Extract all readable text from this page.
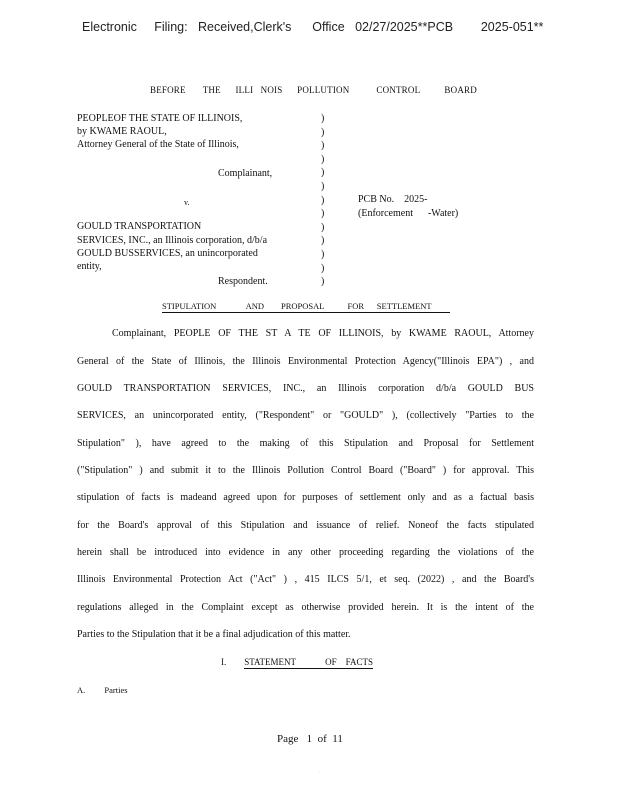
Electronic     Filing:   Received,Clerk's      Office   02/27/2025**PCB        2025-051**
BEFORE       THE      ILLI   NOIS      POLLUTION           CONTROL          BOARD
PEOPLEOF THE STATE OF ILLINOIS,
by KWAME RAOUL,
Attorney General of the State of Illinois,
Complainant,
v.
GOULD TRANSPORTATION
SERVICES, INC., an Illinois corporation, d/b/a
GOULD BUSSERVICES, an unincorporated
entity,
Respondent.
)
)
)
)
)
)
)
)
)
)
)
)
)
PCB No.    2025-
(Enforcement      -Water)
STIPULATION              AND        PROPOSAL           FOR      SETTLEMENT
Complainant, PEOPLE OF THE ST A TE OF ILLINOIS, by KWAME RAOUL, Attorney
General of the State of Illinois, the Illinois Environmental Protection Agency("Illinois EPA") , and
GOULD TRANSPORTATION SERVICES, INC., an Illinois corporation d/b/a GOULD BUS
SERVICES, an unincorporated entity, ("Respondent" or "GOULD" ), (collectively "Parties to the
Stipulation" ), have agreed to the making of this Stipulation and Proposal for Settlement
("Stipulation" ) and submit it to the Illinois Pollution Control Board ("Board" ) for approval. This
stipulation of facts is madeand agreed upon for purposes of settlement only and as a factual basis
for the Board's approval of this Stipulation and issuance of relief. Noneof the facts stipulated
herein shall be introduced into evidence in any other proceeding regarding the violations of the
Illinois Environmental Protection Act ("Act" ) , 415 ILCS 5/1, et seq. (2022) , and the Board's
regulations alleged in the Complaint except as otherwise provided herein. It is the intent of the
Parties to the Stipulation that it be a final adjudication of this matter.
I. STATEMENT             OF    FACTS
A. Parties
Page   1  of  11
·
